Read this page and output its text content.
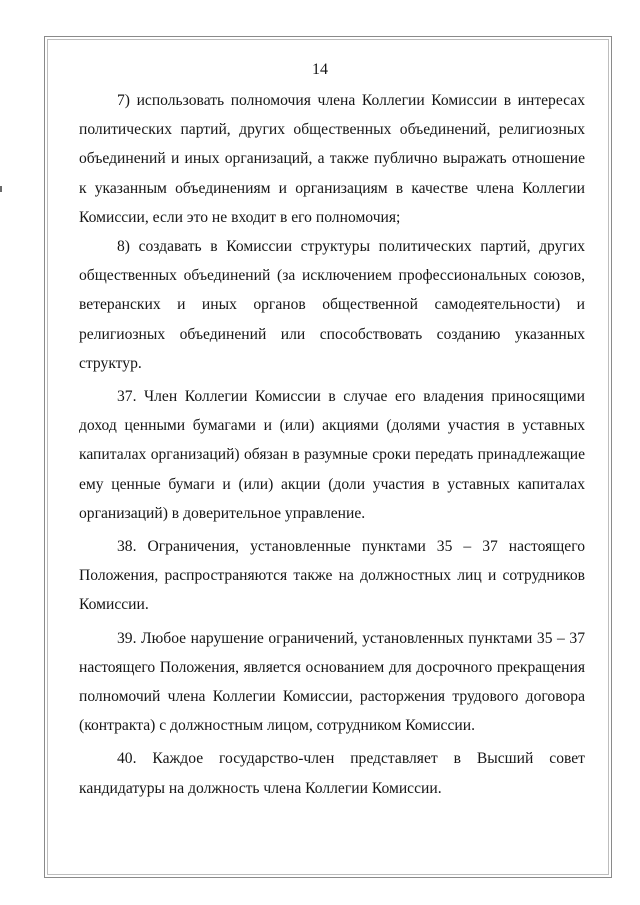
14

7) использовать полномочия члена Коллегии Комиссии в интересах политических партий, других общественных объединений, религиозных объединений и иных организаций, а также публично выражать отношение к указанным объединениям и организациям в качестве члена Коллегии Комиссии, если это не входит в его полномочия;

8) создавать в Комиссии структуры политических партий, других общественных объединений (за исключением профессиональных союзов, ветеранских и иных органов общественной самодеятельности) и религиозных объединений или способствовать созданию указанных структур.

37. Член Коллегии Комиссии в случае его владения приносящими доход ценными бумагами и (или) акциями (долями участия в уставных капиталах организаций) обязан в разумные сроки передать принадлежащие ему ценные бумаги и (или) акции (доли участия в уставных капиталах организаций) в доверительное управление.

38. Ограничения, установленные пунктами 35 – 37 настоящего Положения, распространяются также на должностных лиц и сотрудников Комиссии.

39. Любое нарушение ограничений, установленных пунктами 35 – 37 настоящего Положения, является основанием для досрочного прекращения полномочий члена Коллегии Комиссии, расторжения трудового договора (контракта) с должностным лицом, сотрудником Комиссии.

40. Каждое государство-член представляет в Высший совет кандидатуры на должность члена Коллегии Комиссии.
